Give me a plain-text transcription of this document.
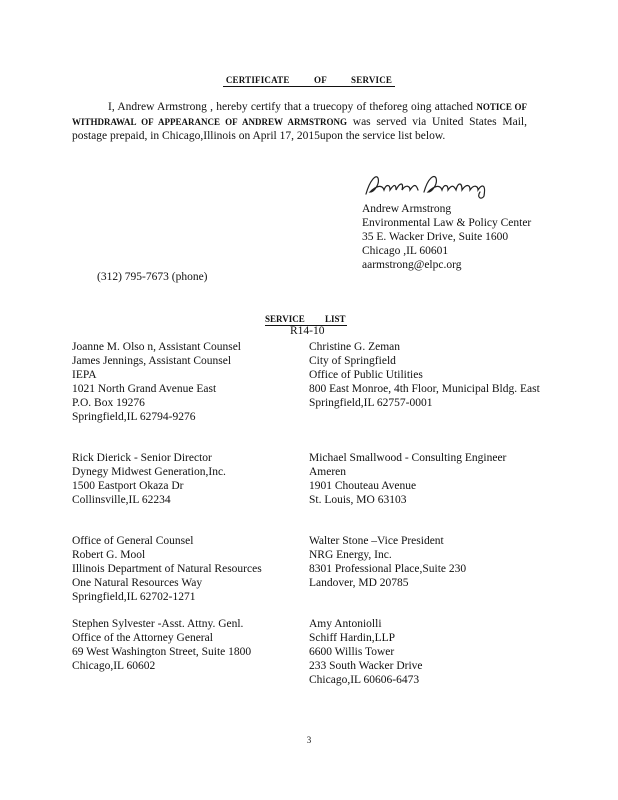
CERTIFICATE OF SERVICE
I, Andrew Armstrong , hereby certify that a truecopy of theforeg oing attached NOTICE OF WITHDRAWAL OF APPEARANCE OF ANDREW ARMSTRONG was served via United States Mail, postage prepaid, in Chicago,Illinois on April 17, 2015upon the service list below.
Andrew Armstrong
Environmental Law & Policy Center
35 E. Wacker Drive, Suite 1600
Chicago ,IL 60601
aarmstrong@elpc.org
(312) 795-7673 (phone)
SERVICE LIST
R14-10
Joanne M. Olso n, Assistant Counsel
James Jennings, Assistant Counsel
IEPA
1021 North Grand Avenue East
P.O. Box 19276
Springfield,IL 62794-9276
Rick Dierick - Senior Director
Dynegy Midwest Generation,Inc.
1500 Eastport Okaza Dr
Collinsville,IL 62234
Office of General Counsel
Robert G. Mool
Illinois Department of Natural Resources
One Natural Resources Way
Springfield,IL 62702-1271
Stephen Sylvester -Asst. Attny. Genl.
Office of the Attorney General
69 West Washington Street, Suite 1800
Chicago,IL 60602
Christine G. Zeman
City of Springfield
Office of Public Utilities
800 East Monroe, 4th Floor, Municipal Bldg. East
Springfield,IL 62757-0001
Michael Smallwood - Consulting Engineer
Ameren
1901 Chouteau Avenue
St. Louis, MO 63103
Walter Stone –Vice President
NRG Energy, Inc.
8301 Professional Place,Suite 230
Landover, MD 20785
Amy Antoniolli
Schiff Hardin,LLP
6600 Willis Tower
233 South Wacker Drive
Chicago,IL 60606-6473
3
